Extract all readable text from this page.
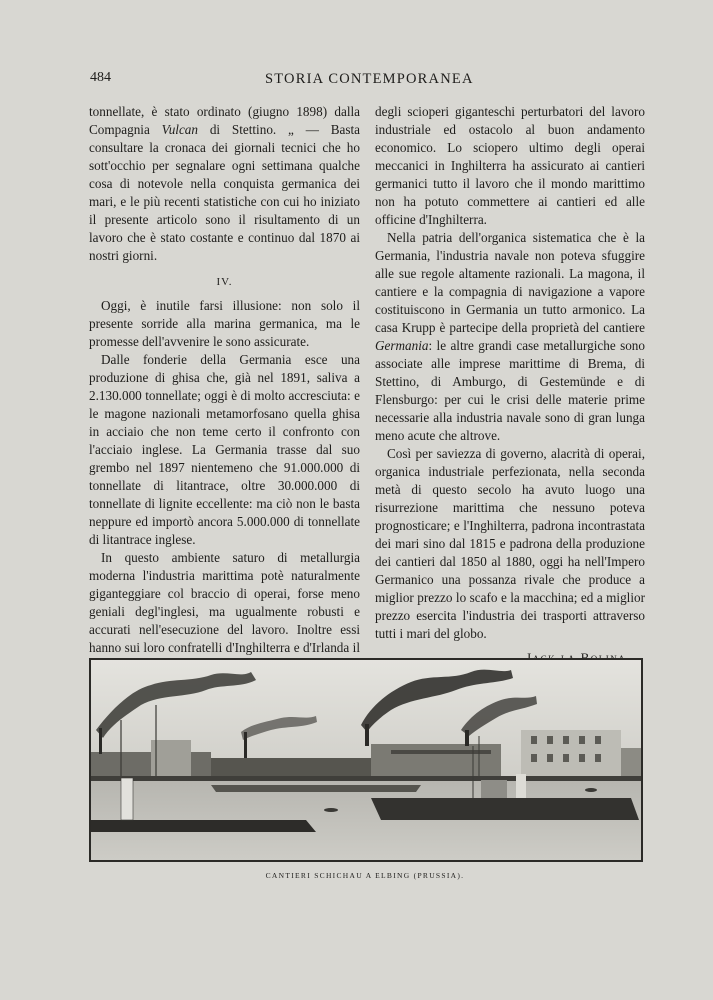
484	STORIA CONTEMPORANEA

tonnellate, è stato ordinato (giugno 1898) dalla Compagnia Vulcan di Stettino. „ — Basta consultare la cronaca dei giornali tecnici che ho sott'occhio per segnalare ogni settimana qualche cosa di notevole nella conquista germanica dei mari, e le più recenti statistiche con cui ho iniziato il presente articolo sono il risultamento di un lavoro che è stato costante e continuo dal 1870 ai nostri giorni.

IV.

Oggi, è inutile farsi illusione: non solo il presente sorride alla marina germanica, ma le promesse dell'avvenire le sono assicurate.

Dalle fonderie della Germania esce una produzione di ghisa che, già nel 1891, saliva a 2.130.000 tonnellate; oggi è di molto accresciuta: e le magone nazionali metamorfosano quella ghisa in acciaio che non teme certo il confronto con l'acciaio inglese. La Germania trasse dal suo grembo nel 1897 nientemeno che 91.000.000 di tonnellate di litantrace, oltre 30.000.000 di tonnellate di lignite eccellente: ma ciò non le basta neppure ed importò ancora 5.000.000 di tonnellate di litantrace inglese.

In questo ambiente saturo di metallurgia moderna l'industria marittima potè naturalmente giganteggiare col braccio di operai, forse meno geniali degl'inglesi, ma ugualmente robusti e accurati nell'esecuzione del lavoro. Inoltre essi hanno sui loro confratelli d'Inghilterra e d'Irlanda il

degli scioperi giganteschi perturbatori del lavoro industriale ed ostacolo al buon andamento economico. Lo sciopero ultimo degli operai meccanici in Inghilterra ha assicurato ai cantieri germanici tutto il lavoro che il mondo marittimo non ha potuto commettere ai cantieri ed alle officine d'Inghilterra.

Nella patria dell'organica sistematica che è la Germania, l'industria navale non poteva sfuggire alle sue regole altamente razionali. La magona, il cantiere e la compagnia di navigazione a vapore costituiscono in Germania un tutto armonico. La casa Krupp è partecipe della proprietà del cantiere Germania: le altre grandi case metallurgiche sono associate alle imprese marittime di Brema, di Stettino, di Amburgo, di Gestemünde e di Flensburgo: per cui le crisi delle materie prime necessarie alla industria navale sono di gran lunga meno acute che altrove.

Così per saviezza di governo, alacrità di operai, organica industriale perfezionata, nella seconda metà di questo secolo ha avuto luogo una risurrezione marittima che nessuno poteva prognosticare; e l'Inghilterra, padrona incontrastata dei mari sino dal 1815 e padrona della produzione dei cantieri dal 1850 al 1880, oggi ha nell'Impero Germanico una possanza rivale che produce a miglior prezzo lo scafo e la macchina; ed a miglior prezzo esercita l'industria dei trasporti attraverso tutti i mari del globo.

CANTIERI SCHICHAU A ELBING (PRUSSIA).
